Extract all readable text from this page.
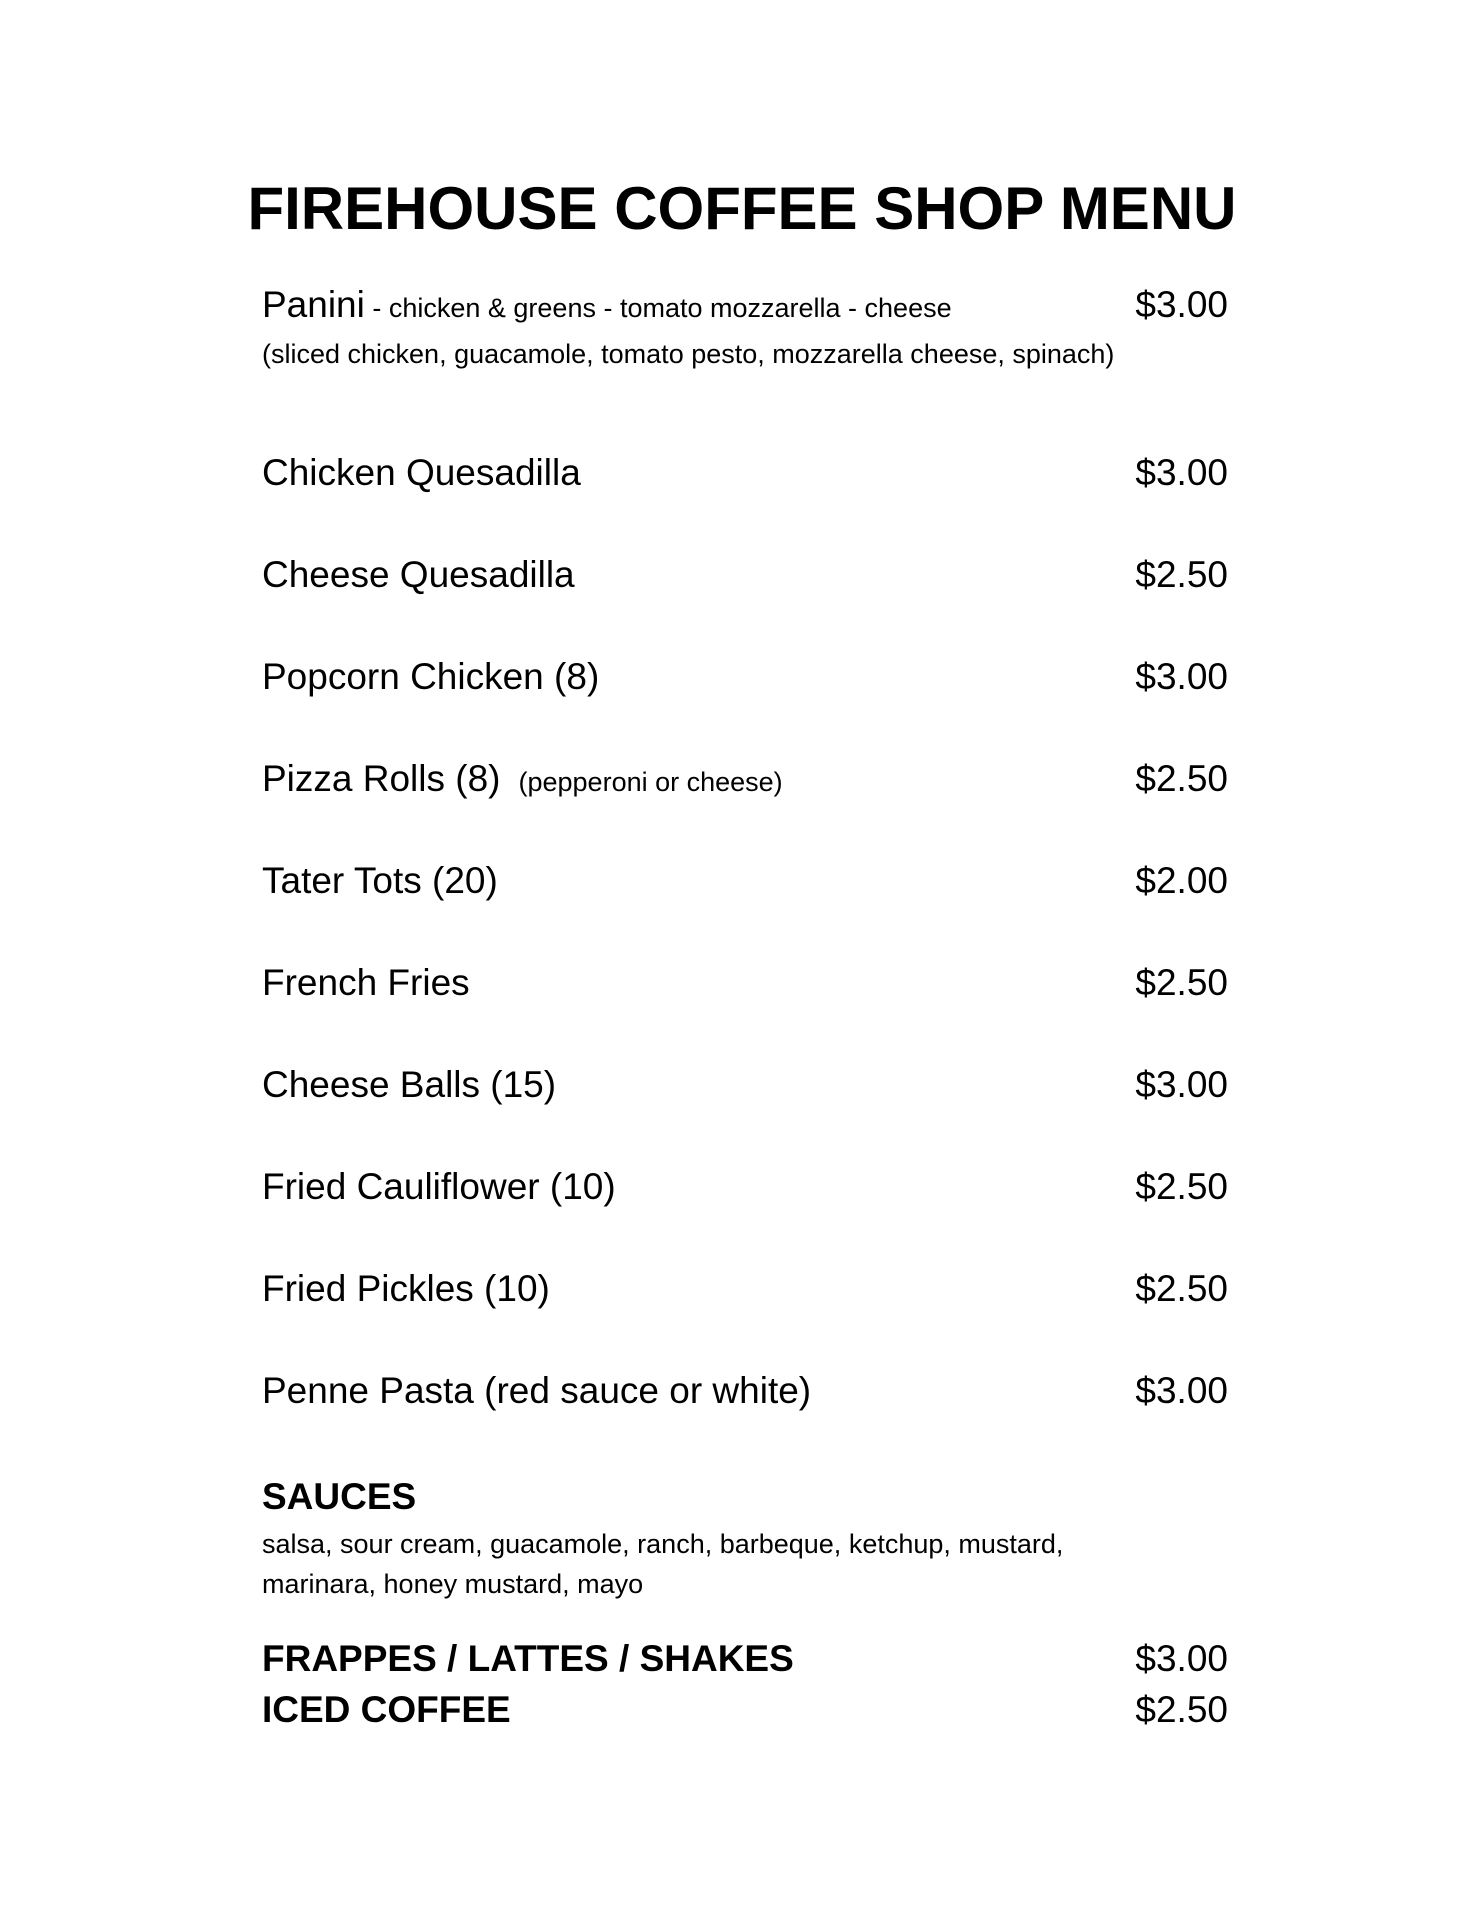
FIREHOUSE COFFEE SHOP MENU
Panini - chicken & greens - tomato mozzarella - cheese	$3.00
(sliced chicken, guacamole, tomato pesto, mozzarella cheese, spinach)
Chicken Quesadilla	$3.00
Cheese Quesadilla	$2.50
Popcorn Chicken (8)	$3.00
Pizza Rolls (8) (pepperoni or cheese)	$2.50
Tater Tots (20)	$2.00
French Fries	$2.50
Cheese Balls (15)	$3.00
Fried Cauliflower (10)	$2.50
Fried Pickles (10)	$2.50
Penne Pasta (red sauce or white)	$3.00
SAUCES
salsa, sour cream, guacamole, ranch, barbeque, ketchup, mustard, marinara, honey mustard, mayo
FRAPPES / LATTES / SHAKES	$3.00
ICED COFFEE	$2.50
